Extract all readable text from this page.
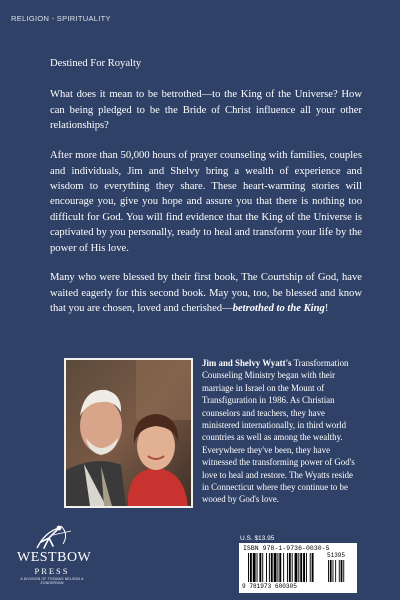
RELIGION - SPIRITUALITY

Destined For Royalty

What does it mean to be betrothed—to the King of the Universe? How can being pledged to be the Bride of Christ influence all your other relationships?

After more than 50,000 hours of prayer counseling with families, couples and individuals, Jim and Shelvy bring a wealth of experience and wisdom to everything they share. These heart-warming stories will encourage you, give you hope and assure you that there is nothing too difficult for God. You will find evidence that the King of the Universe is captivated by you personally, ready to heal and transform your life by the power of His love.

Many who were blessed by their first book, The Courtship of God, have waited eagerly for this second book. May you, too, be blessed and know that you are chosen, loved and cherished—betrothed to the King!

Jim and Shelvy Wyatt's Transformation Counseling Ministry began with their marriage in Israel on the Mount of Transfiguration in 1986. As Christian counselors and teachers, they have ministered internationally, in third world countries as well as among the wealthy. Everywhere they've been, they have witnessed the transforming power of God's love to heal and restore. The Wyatts reside in Connecticut where they continue to be wooed by God's love.
WESTBOW
PRESS
A DIVISION OF THOMAS NELSON & ZONDERVAN
U.S. $13.95
ISBN 978-1-9736-0030-5
9 781973 600305
51395
